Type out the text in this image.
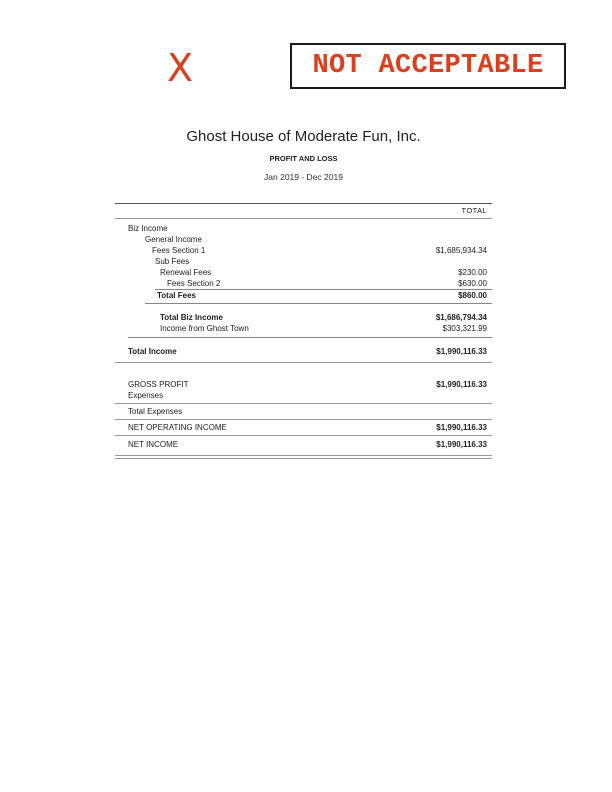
X	NOT ACCEPTABLE
Ghost House of Moderate Fun, Inc.
PROFIT AND LOSS
Jan 2019 - Dec 2019
TOTAL
Biz Income
General Income
Fees Section 1	$1,685,934.34
Sub Fees
Renewal Fees	$230.00
Fees Section 2	$630.00
Total Fees	$860.00
Total Biz Income	$1,686,794.34
Income from Ghost Town	$303,321.99
Total Income	$1,990,116.33
GROSS PROFIT	$1,990,116.33
Expenses
Total Expenses
NET OPERATING INCOME	$1,990,116.33
NET INCOME	$1,990,116.33
